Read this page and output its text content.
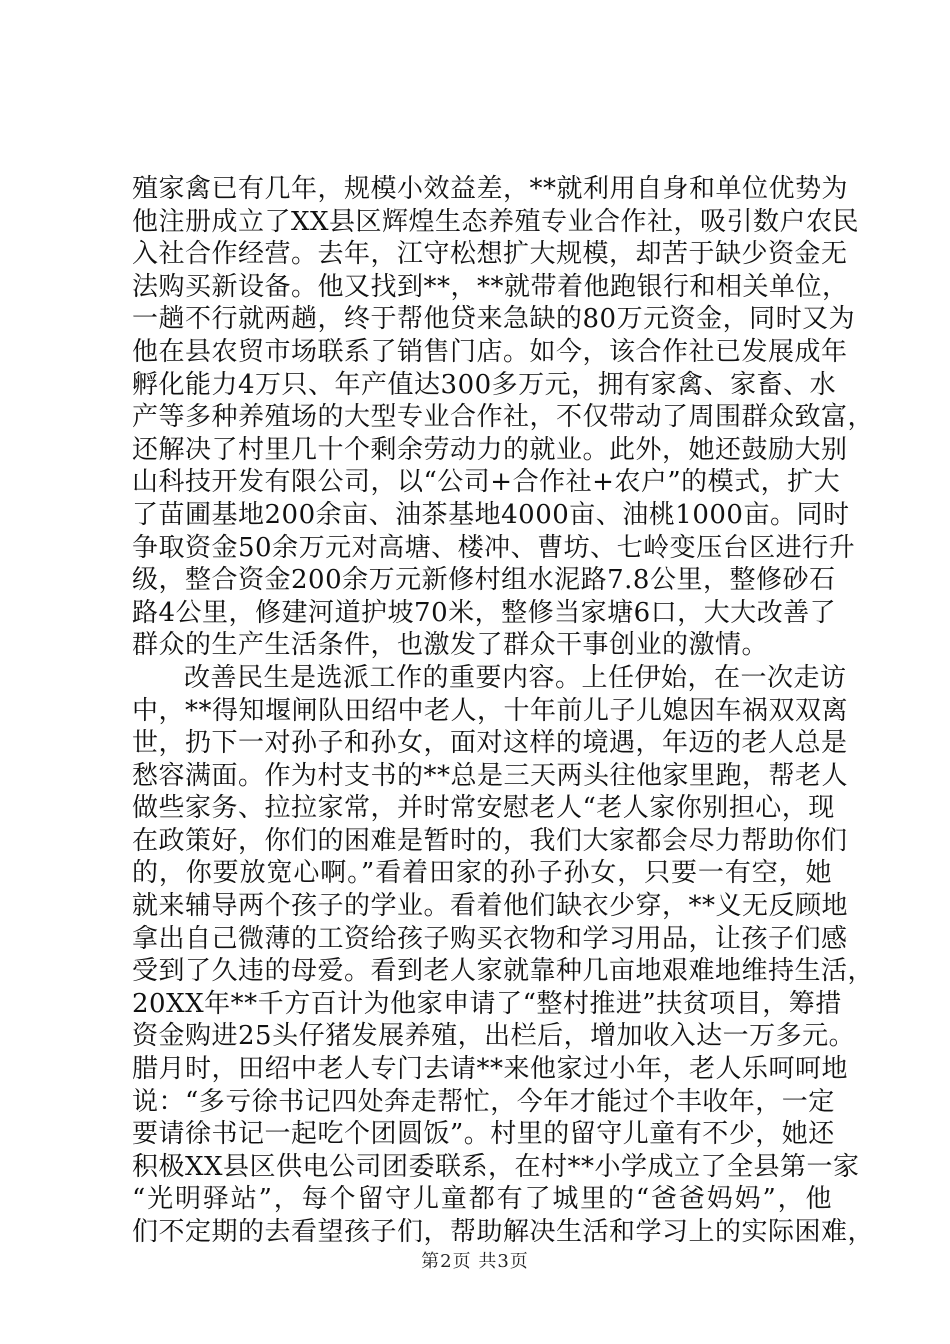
殖家禽已有几年，规模小效益差，**就利用自身和单位优势为
他注册成立了XX县区辉煌生态养殖专业合作社，吸引数户农民
入社合作经营。去年，江守松想扩大规模，却苦于缺少资金无
法购买新设备。他又找到**，**就带着他跑银行和相关单位，
一趟不行就两趟，终于帮他贷来急缺的80万元资金，同时又为
他在县农贸市场联系了销售门店。如今，该合作社已发展成年
孵化能力4万只、年产值达300多万元，拥有家禽、家畜、水
产等多种养殖场的大型专业合作社，不仅带动了周围群众致富，
还解决了村里几十个剩余劳动力的就业。此外，她还鼓励大别
山科技开发有限公司，以“公司+合作社+农户”的模式，扩大
了苗圃基地200余亩、油茶基地4000亩、油桃1000亩。同时
争取资金50余万元对高塘、楼冲、曹坊、七岭变压台区进行升
级，整合资金200余万元新修村组水泥路7.8公里，整修砂石
路4公里，修建河道护坡70米，整修当家塘6口，大大改善了
群众的生产生活条件，也激发了群众干事创业的激情。
改善民生是选派工作的重要内容。上任伊始，在一次走访
中，**得知堰闸队田绍中老人，十年前儿子儿媳因车祸双双离
世，扔下一对孙子和孙女，面对这样的境遇，年迈的老人总是
愁容满面。作为村支书的**总是三天两头往他家里跑，帮老人
做些家务、拉拉家常，并时常安慰老人“老人家你别担心，现
在政策好，你们的困难是暂时的，我们大家都会尽力帮助你们
的，你要放宽心啊。”看着田家的孙子孙女，只要一有空，她
就来辅导两个孩子的学业。看着他们缺衣少穿，**义无反顾地
拿出自己微薄的工资给孩子购买衣物和学习用品，让孩子们感
受到了久违的母爱。看到老人家就靠种几亩地艰难地维持生活，
20XX年**千方百计为他家申请了“整村推进”扶贫项目，筹措
资金购进25头仔猪发展养殖，出栏后，增加收入达一万多元。
腊月时，田绍中老人专门去请**来他家过小年，老人乐呵呵地
说：“多亏徐书记四处奔走帮忙，今年才能过个丰收年，一定
要请徐书记一起吃个团圆饭”。村里的留守儿童有不少，她还
积极XX县区供电公司团委联系，在村**小学成立了全县第一家
“光明驿站”，每个留守儿童都有了城里的“爸爸妈妈”，他
们不定期的去看望孩子们，帮助解决生活和学习上的实际困难，
第2页 共3页
